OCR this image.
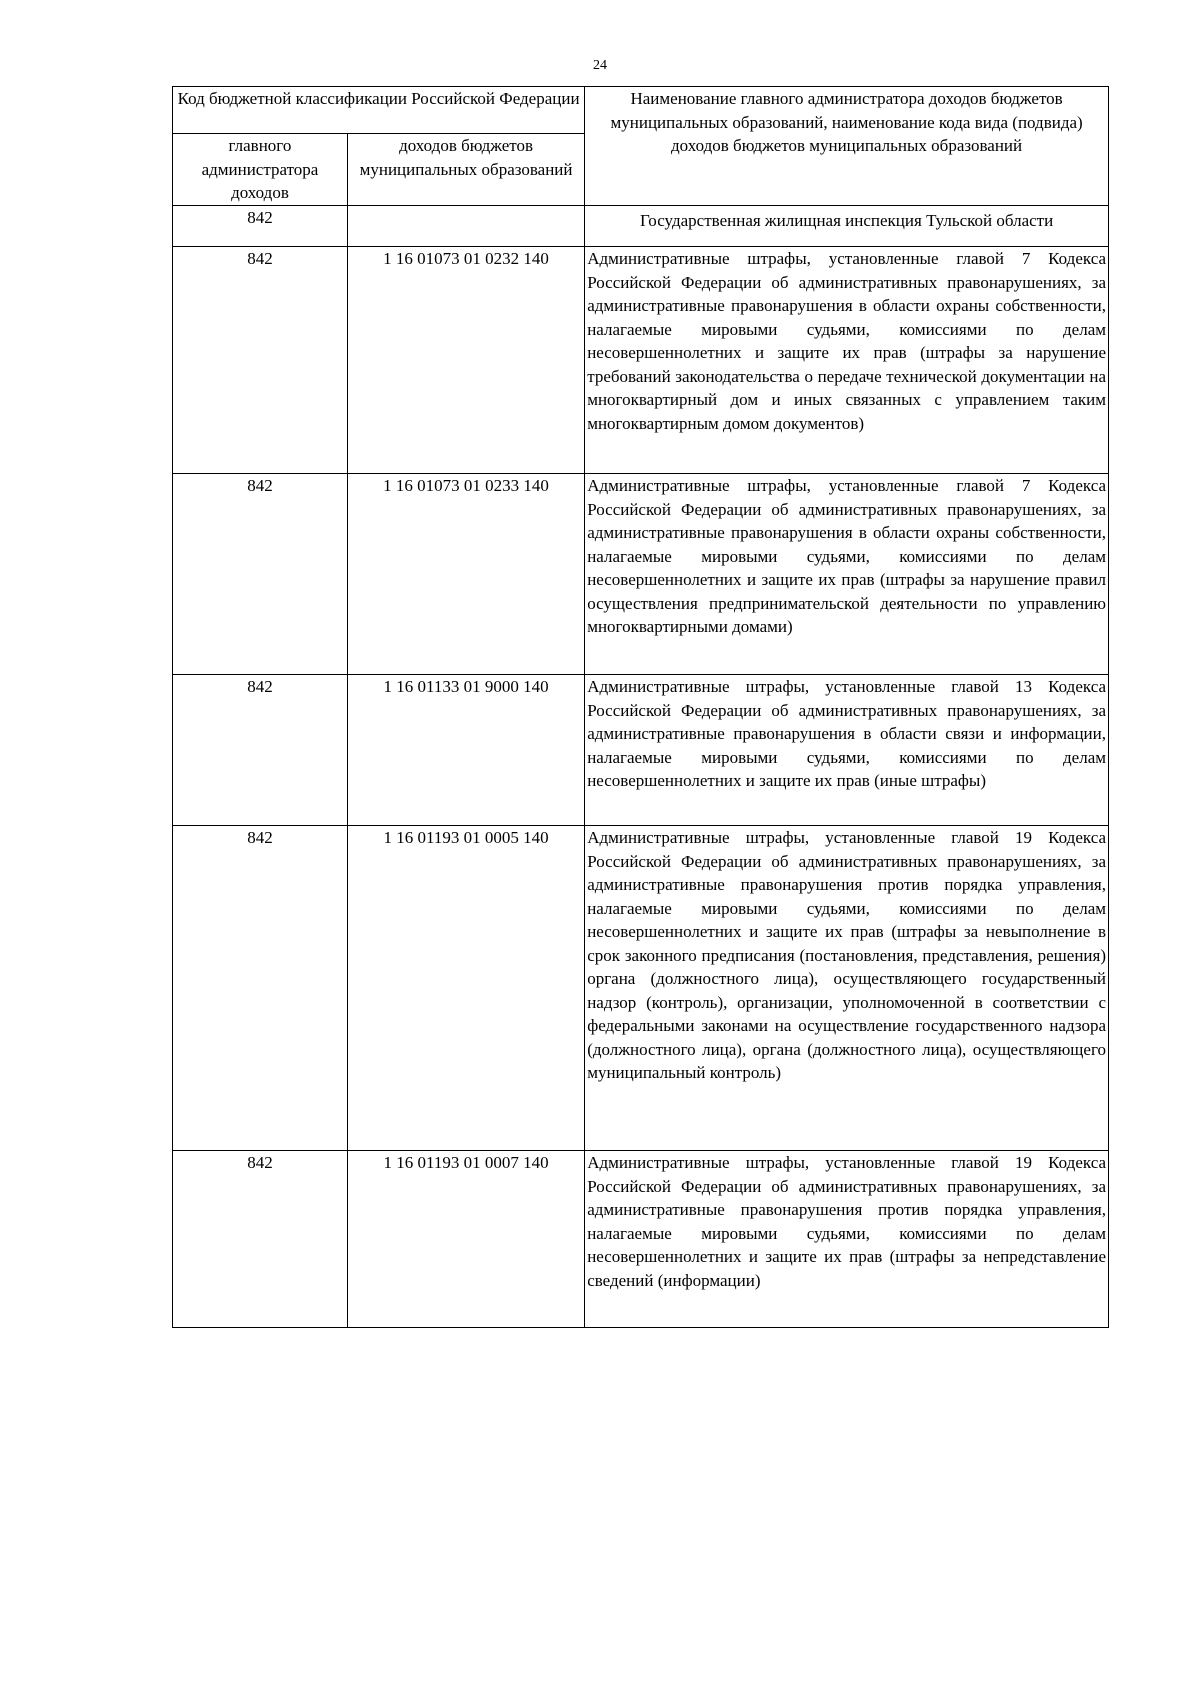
24
Код бюджетной классификации Российской Федерации		Наименование главного администратора доходов бюджетов муниципальных образований, наименование кода вида (подвида) доходов бюджетов муниципальных образований
главного администратора доходов	доходов бюджетов муниципальных образований	
842		Государственная жилищная инспекция Тульской области
842	1 16 01073 01 0232 140	Административные штрафы, установленные главой 7 Кодекса Российской Федерации об административных правонарушениях, за административные правонарушения в области охраны собственности, налагаемые мировыми судьями, комиссиями по делам несовершеннолетних и защите их прав (штрафы за нарушение требований законодательства о передаче технической документации на многоквартирный дом и иных связанных с управлением таким многоквартирным домом документов)
842	1 16 01073 01 0233 140	Административные штрафы, установленные главой 7 Кодекса Российской Федерации об административных правонарушениях, за административные правонарушения в области охраны собственности, налагаемые мировыми судьями, комиссиями по делам несовершеннолетних и защите их прав (штрафы за нарушение правил осуществления предпринимательской деятельности по управлению многоквартирными домами)
842	1 16 01133 01 9000 140	Административные штрафы, установленные главой 13 Кодекса Российской Федерации об административных правонарушениях, за административные правонарушения в области связи и информации, налагаемые мировыми судьями, комиссиями по делам несовершеннолетних и защите их прав (иные штрафы)
842	1 16 01193 01 0005 140	Административные штрафы, установленные главой 19 Кодекса Российской Федерации об административных правонарушениях, за административные правонарушения против порядка управления, налагаемые мировыми судьями, комиссиями по делам несовершеннолетних и защите их прав (штрафы за невыполнение в срок законного предписания (постановления, представления, решения) органа (должностного лица), осуществляющего государственный надзор (контроль), организации, уполномоченной в соответствии с федеральными законами на осуществление государственного надзора (должностного лица), органа (должностного лица), осуществляющего муниципальный контроль)
842	1 16 01193 01 0007 140	Административные штрафы, установленные главой 19 Кодекса Российской Федерации об административных правонарушениях, за административные правонарушения против порядка управления, налагаемые мировыми судьями, комиссиями по делам несовершеннолетних и защите их прав (штрафы за непредставление сведений (информации)
